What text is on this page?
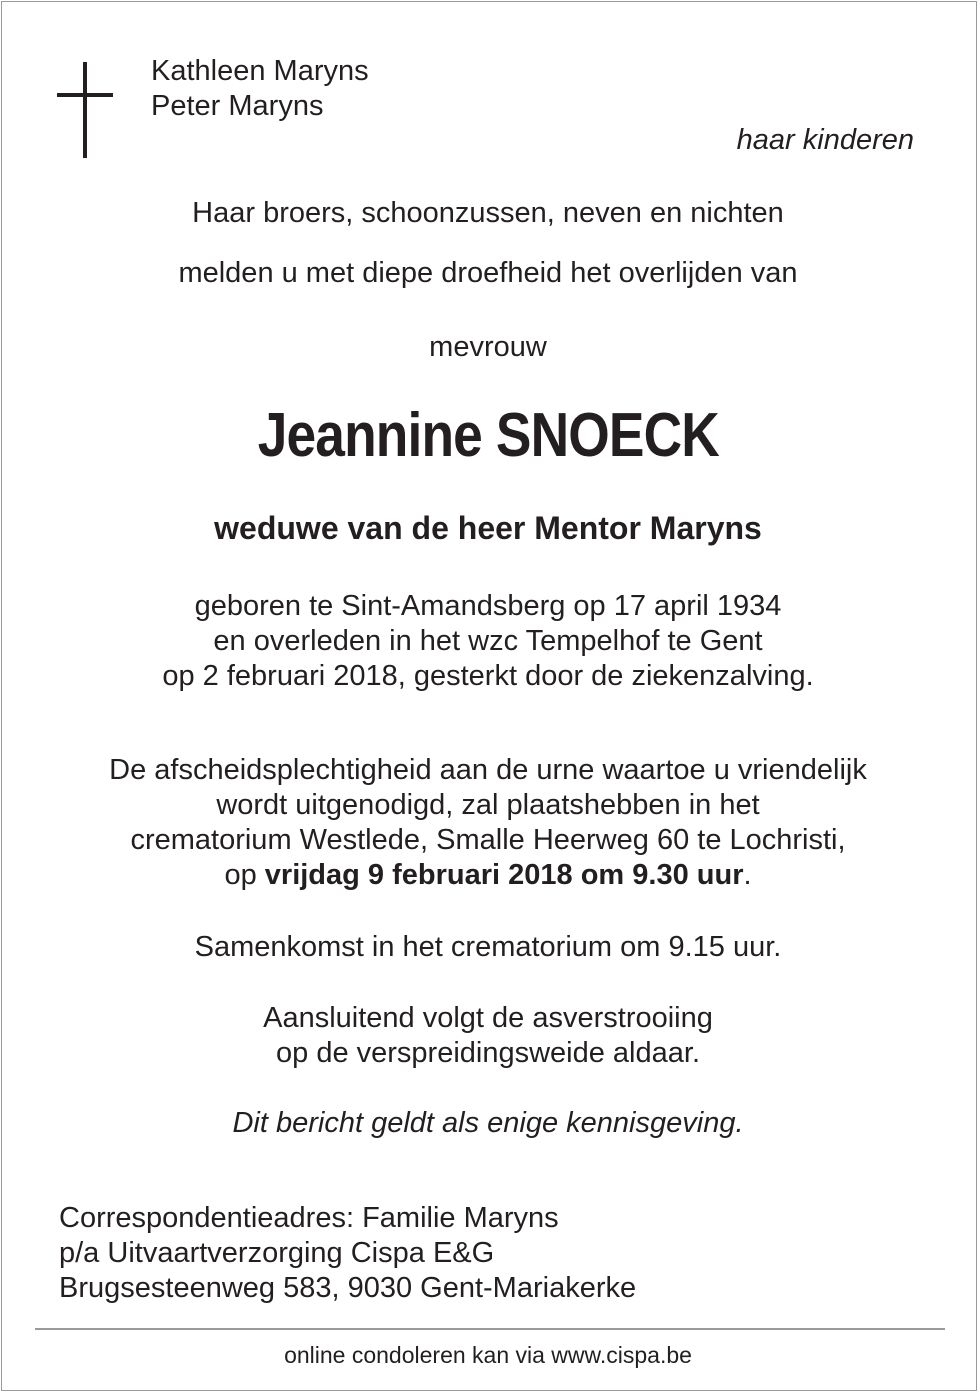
Kathleen Maryns
Peter Maryns
haar kinderen
Haar broers, schoonzussen, neven en nichten
melden u met diepe droefheid het overlijden van
mevrouw
Jeannine SNOECK
weduwe van de heer Mentor Maryns
geboren te Sint-Amandsberg op 17 april 1934
en overleden in het wzc Tempelhof te Gent
op 2 februari 2018, gesterkt door de ziekenzalving.
De afscheidsplechtigheid aan de urne waartoe u vriendelijk
wordt uitgenodigd, zal plaatshebben in het
crematorium Westlede, Smalle Heerweg 60 te Lochristi,
op vrijdag 9 februari 2018 om 9.30 uur.
Samenkomst in het crematorium om 9.15 uur.
Aansluitend volgt de asverstrooiing
op de verspreidingsweide aldaar.
Dit bericht geldt als enige kennisgeving.
Correspondentieadres: Familie Maryns
p/a Uitvaartverzorging Cispa E&G
Brugsesteenweg 583, 9030 Gent-Mariakerke
online condoleren kan via www.cispa.be
